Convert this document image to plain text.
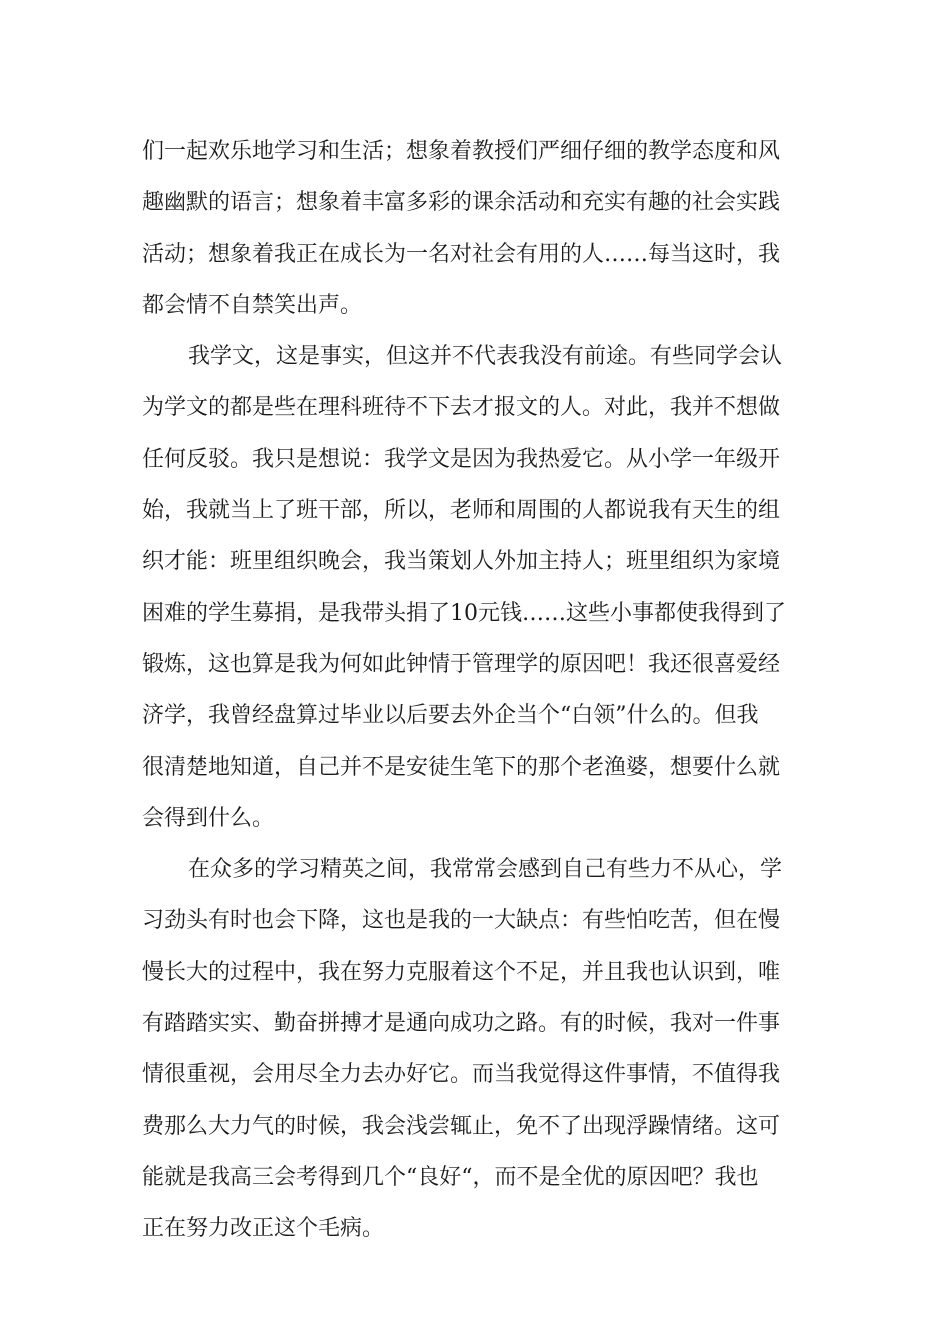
们一起欢乐地学习和生活；想象着教授们严细仔细的教学态度和风
趣幽默的语言；想象着丰富多彩的课余活动和充实有趣的社会实践
活动；想象着我正在成长为一名对社会有用的人……每当这时，我
都会情不自禁笑出声。
我学文，这是事实，但这并不代表我没有前途。有些同学会认
为学文的都是些在理科班待不下去才报文的人。对此，我并不想做
任何反驳。我只是想说：我学文是因为我热爱它。从小学一年级开
始，我就当上了班干部，所以，老师和周围的人都说我有天生的组
织才能：班里组织晚会，我当策划人外加主持人；班里组织为家境
困难的学生募捐，是我带头捐了10元钱……这些小事都使我得到了
锻炼，这也算是我为何如此钟情于管理学的原因吧！我还很喜爱经
济学，我曾经盘算过毕业以后要去外企当个“白领”什么的。但我
很清楚地知道，自己并不是安徒生笔下的那个老渔婆，想要什么就
会得到什么。
在众多的学习精英之间，我常常会感到自己有些力不从心，学
习劲头有时也会下降，这也是我的一大缺点：有些怕吃苦，但在慢
慢长大的过程中，我在努力克服着这个不足，并且我也认识到，唯
有踏踏实实、勤奋拼搏才是通向成功之路。有的时候，我对一件事
情很重视，会用尽全力去办好它。而当我觉得这件事情，不值得我
费那么大力气的时候，我会浅尝辄止，免不了出现浮躁情绪。这可
能就是我高三会考得到几个“良好“，而不是全优的原因吧？我也
正在努力改正这个毛病。
